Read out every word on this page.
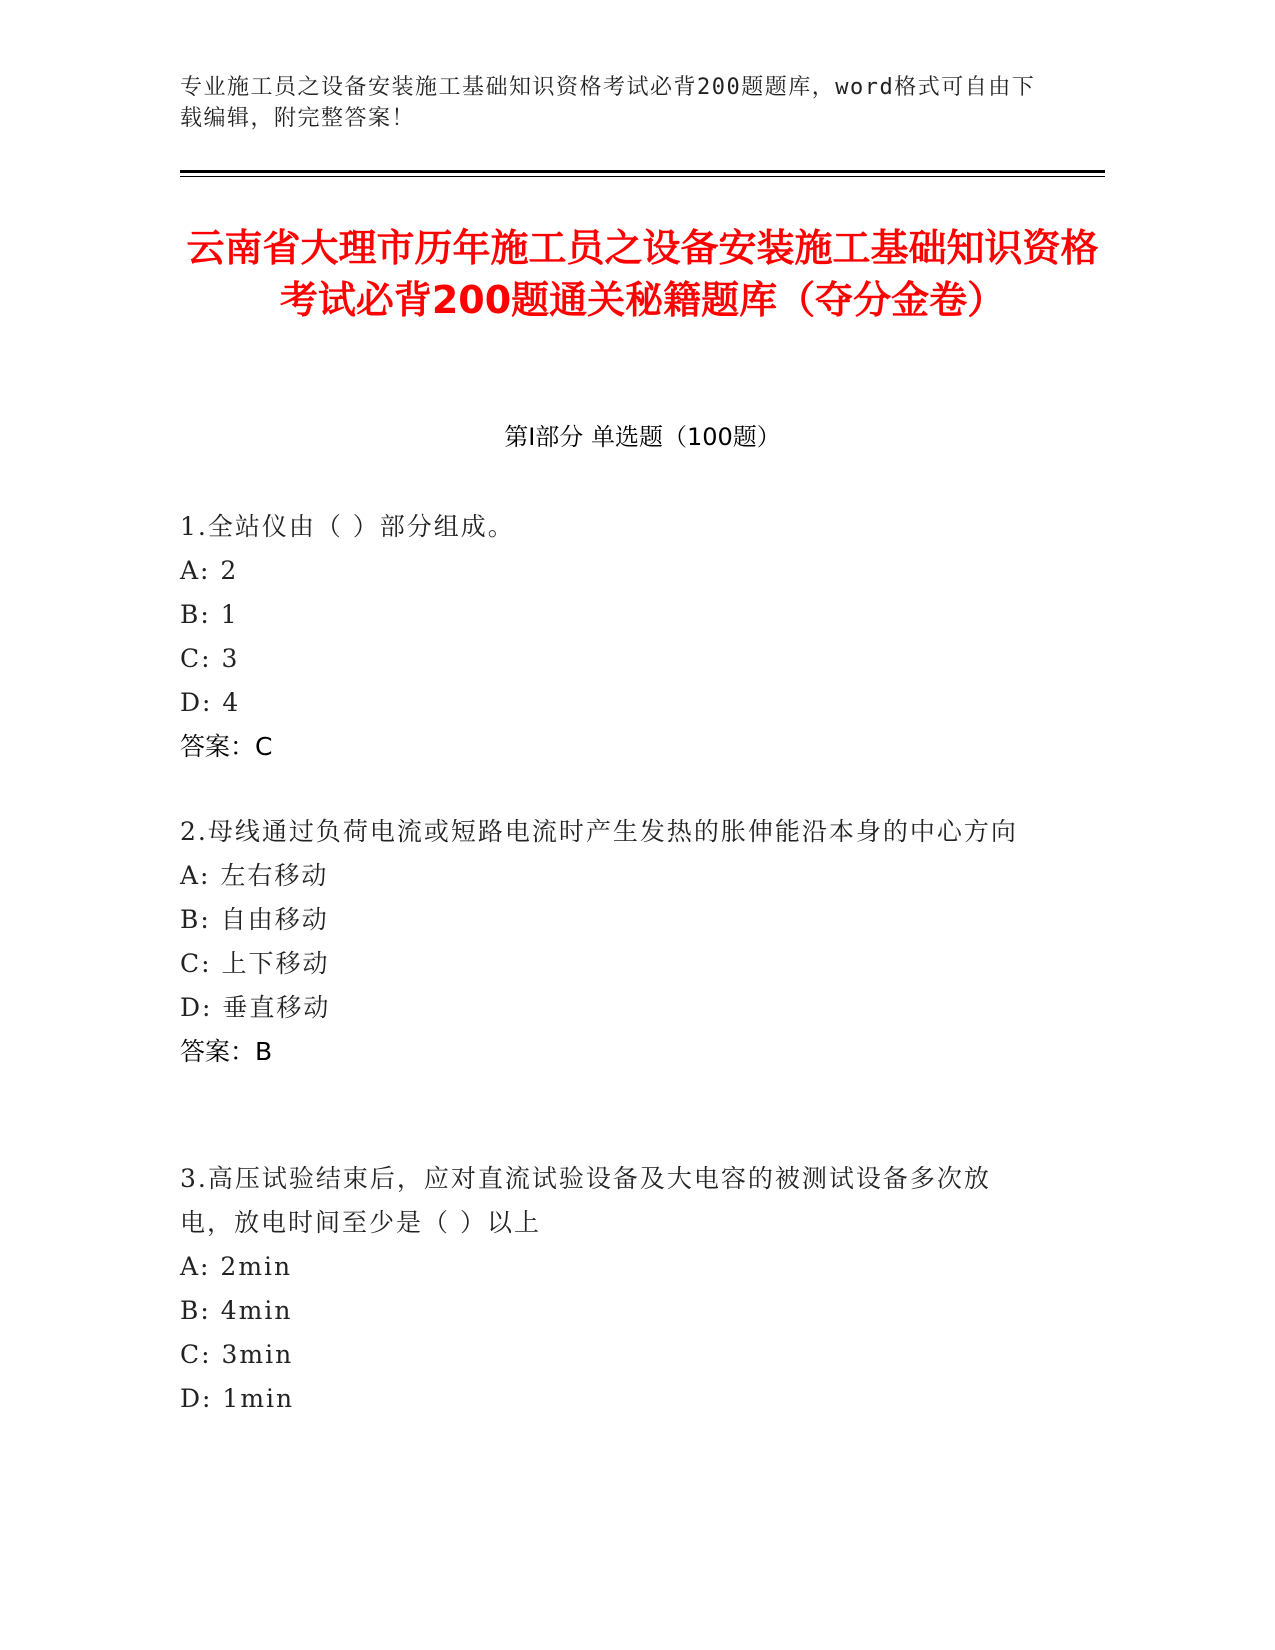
专业施工员之设备安装施工基础知识资格考试必背200题题库，word格式可自由下载编辑，附完整答案！
云南省大理市历年施工员之设备安装施工基础知识资格考试必背200题通关秘籍题库（夺分金卷）
第Ⅰ部分 单选题（100题）
1.全站仪由（ ）部分组成。
A: 2
B: 1
C: 3
D: 4
答案：C
2.母线通过负荷电流或短路电流时产生发热的胀伸能沿本身的中心方向
A: 左右移动
B: 自由移动
C: 上下移动
D: 垂直移动
答案：B
3.高压试验结束后，应对直流试验设备及大电容的被测试设备多次放电，放电时间至少是（ ）以上
A: 2min
B: 4min
C: 3min
D: 1min
